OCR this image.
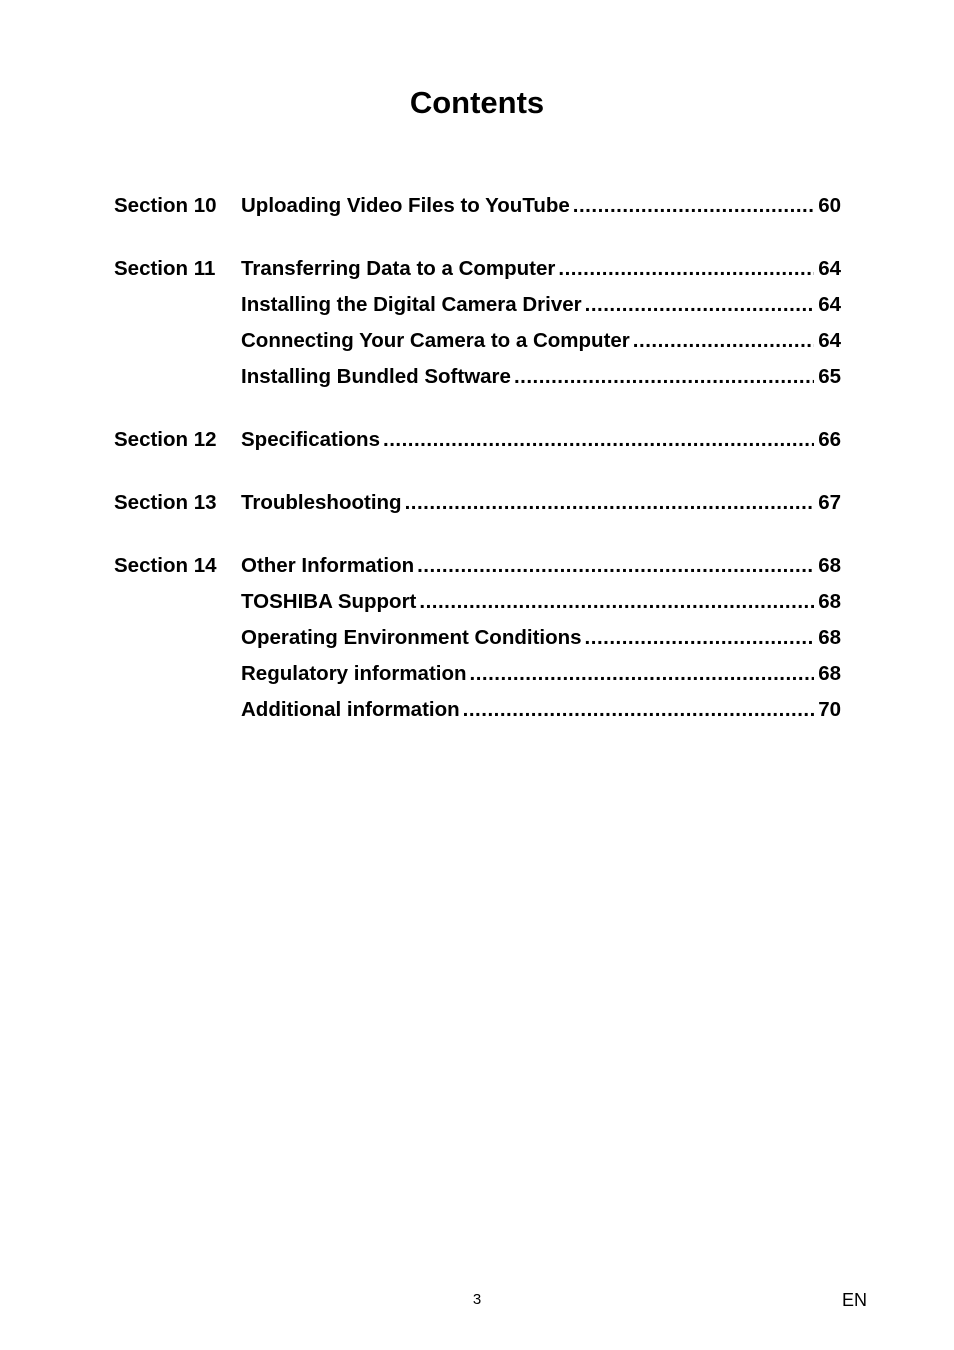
Contents
Section 10	Uploading Video Files to YouTube .....	60
Section 11	Transferring Data to a Computer .....	64
Installing the Digital Camera Driver .....	64
Connecting Your Camera to a Computer .....	64
Installing Bundled Software .....	65
Section 12	Specifications .....	66
Section 13	Troubleshooting .....	67
Section 14	Other Information .....	68
TOSHIBA Support .....	68
Operating Environment Conditions .....	68
Regulatory information .....	68
Additional information .....	70
3	EN
